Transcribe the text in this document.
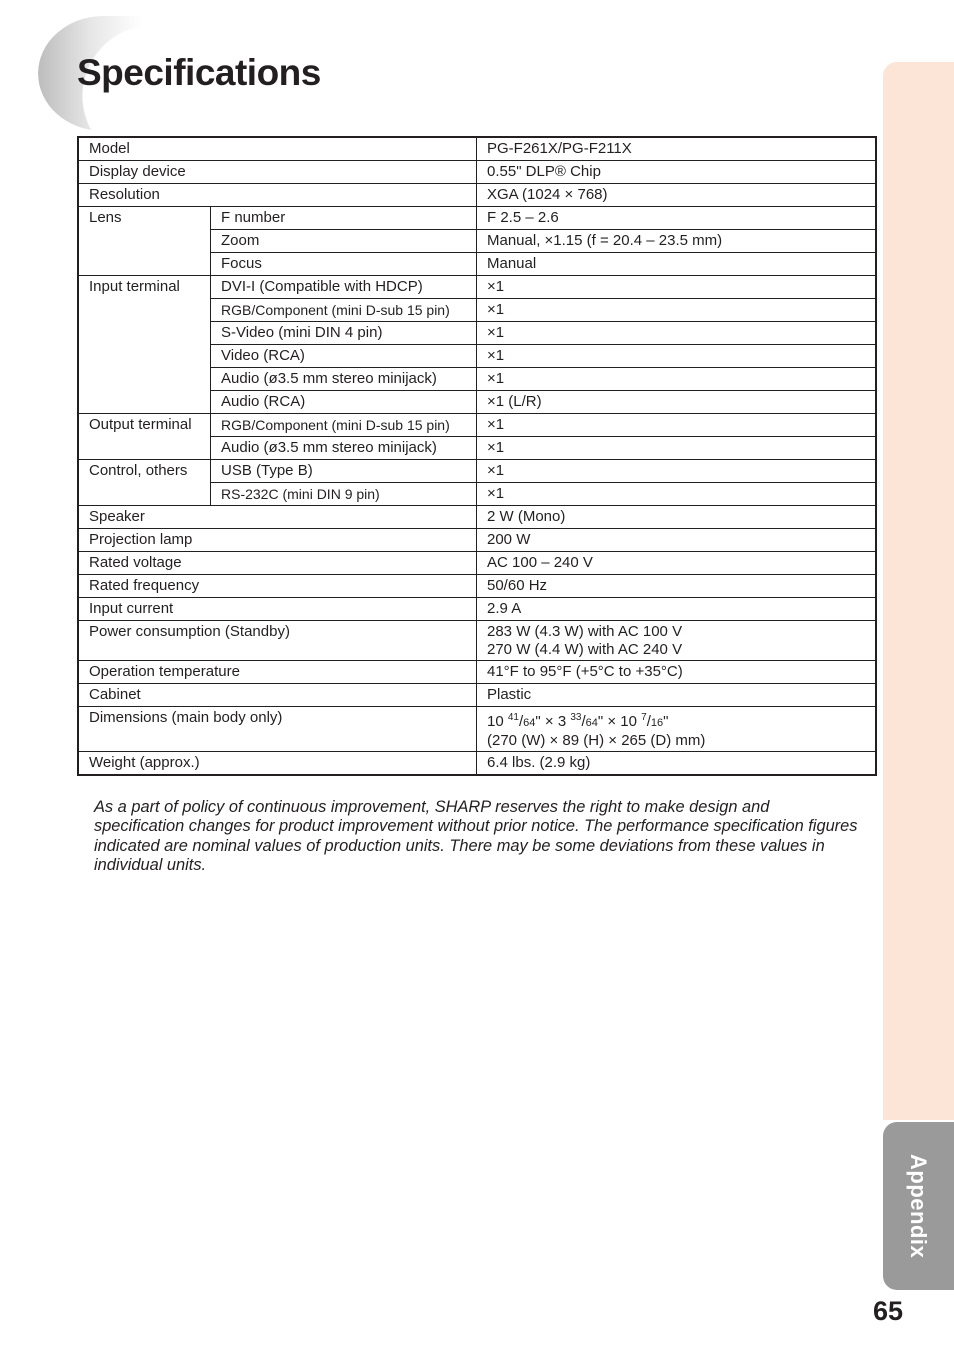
Specifications
Appendix
Model		PG-F261X/PG-F211X
Display device		0.55" DLP® Chip
Resolution		XGA (1024 × 768)
Lens	F number	F 2.5 – 2.6
	Zoom	Manual, ×1.15 (f = 20.4 – 23.5 mm)
	Focus	Manual
Input terminal	DVI-I (Compatible with HDCP)	×1
	RGB/Component (mini D-sub 15 pin)	×1
	S-Video (mini DIN 4 pin)	×1
	Video (RCA)	×1
	Audio (ø3.5 mm stereo minijack)	×1
	Audio (RCA)	×1 (L/R)
Output terminal	RGB/Component (mini D-sub 15 pin)	×1
	Audio (ø3.5 mm stereo minijack)	×1
Control, others	USB (Type B)	×1
	RS-232C (mini DIN 9 pin)	×1
Speaker		2 W (Mono)
Projection lamp		200 W
Rated voltage		AC 100 – 240 V
Rated frequency		50/60 Hz
Input current		2.9 A
Power consumption (Standby)		283 W (4.3 W) with AC 100 V
270 W (4.4 W) with AC 240 V

Operation temperature		41°F to 95°F (+5°C to +35°C)
Cabinet		Plastic
Dimensions (main body only)		10 $^{41}$/64" × 3 $^{33}$/64" × 10 $^7$/16"
(270 (W) × 89 (H) × 265 (D) mm)

Weight (approx.)		6.4 lbs. (2.9 kg)

As a part of policy of continuous improvement, SHARP reserves the right to make design and specification changes for product improvement without prior notice. The performance specification figures indicated are nominal values of production units. There may be some deviations from these values in individual units.

65
